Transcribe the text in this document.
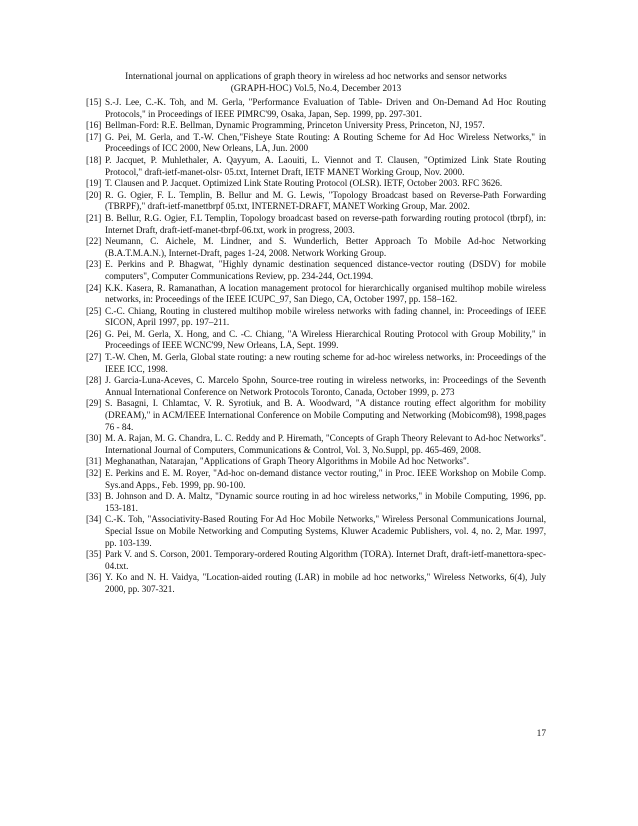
International journal on applications of graph theory in wireless ad hoc networks and sensor networks
(GRAPH-HOC) Vol.5, No.4, December 2013
[15] S.-J. Lee, C.-K. Toh, and M. Gerla, "Performance Evaluation of Table- Driven and On-Demand Ad Hoc Routing Protocols," in Proceedings of IEEE PIMRC'99, Osaka, Japan, Sep. 1999, pp. 297-301.
[16] Bellman-Ford: R.E. Bellman, Dynamic Programming, Princeton University Press, Princeton, NJ, 1957.
[17] G. Pei, M. Gerla, and T.-W. Chen,"Fisheye State Routing: A Routing Scheme for Ad Hoc Wireless Networks," in Proceedings of ICC 2000, New Orleans, LA, Jun. 2000
[18] P. Jacquet, P. Muhlethaler, A. Qayyum, A. Laouiti, L. Viennot and T. Clausen, "Optimized Link State Routing Protocol," draft-ietf-manet-olsr- 05.txt, Internet Draft, IETF MANET Working Group, Nov. 2000.
[19] T. Clausen and P. Jacquet. Optimized Link State Routing Protocol (OLSR). IETF, October 2003. RFC 3626.
[20] R. G. Ogier, F. L. Templin, B. Bellur and M. G. Lewis, "Topology Broadcast based on Reverse-Path Forwarding (TBRPF)," draft-ietf-manettbrpf 05.txt, INTERNET-DRAFT, MANET Working Group, Mar. 2002.
[21] B. Bellur, R.G. Ogier, F.L Templin, Topology broadcast based on reverse-path forwarding routing protocol (tbrpf), in: Internet Draft, draft-ietf-manet-tbrpf-06.txt, work in progress, 2003.
[22] Neumann, C. Aichele, M. Lindner, and S. Wunderlich, Better Approach To Mobile Ad-hoc Networking (B.A.T.M.A.N.), Internet-Draft, pages 1-24, 2008. Network Working Group.
[23] E. Perkins and P. Bhagwat, "Highly dynamic destination sequenced distance-vector routing (DSDV) for mobile computers", Computer Communications Review, pp. 234-244, Oct.1994.
[24] K.K. Kasera, R. Ramanathan, A location management protocol for hierarchically organised multihop mobile wireless networks, in: Proceedings of the IEEE ICUPC_97, San Diego, CA, October 1997, pp. 158–162.
[25] C.-C. Chiang, Routing in clustered multihop mobile wireless networks with fading channel, in: Proceedings of IEEE SICON, April 1997, pp. 197–211.
[26] G. Pei, M. Gerla, X. Hong, and C. -C. Chiang, "A Wireless Hierarchical Routing Protocol with Group Mobility," in Proceedings of IEEE WCNC'99, New Orleans, LA, Sept. 1999.
[27] T.-W. Chen, M. Gerla, Global state routing: a new routing scheme for ad-hoc wireless networks, in: Proceedings of the IEEE ICC, 1998.
[28] J. Garcia-Luna-Aceves, C. Marcelo Spohn, Source-tree routing in wireless networks, in: Proceedings of the Seventh Annual International Conference on Network Protocols Toronto, Canada, October 1999, p. 273
[29] S. Basagni, I. Chlamtac, V. R. Syrotiuk, and B. A. Woodward, "A distance routing effect algorithm for mobility (DREAM)," in ACM/IEEE International Conference on Mobile Computing and Networking (Mobicom98), 1998,pages 76 - 84.
[30] M. A. Rajan, M. G. Chandra, L. C. Reddy and P. Hiremath, "Concepts of Graph Theory Relevant to Ad-hoc Networks". International Journal of Computers, Communications & Control, Vol. 3, No.Suppl, pp. 465-469, 2008.
[31] Meghanathan, Natarajan, "Applications of Graph Theory Algorithms in Mobile Ad hoc Networks".
[32] E. Perkins and E. M. Royer, "Ad-hoc on-demand distance vector routing," in Proc. IEEE Workshop on Mobile Comp. Sys.and Apps., Feb. 1999, pp. 90-100.
[33] B. Johnson and D. A. Maltz, "Dynamic source routing in ad hoc wireless networks," in Mobile Computing, 1996, pp. 153-181.
[34] C.-K. Toh, "Associativity-Based Routing For Ad Hoc Mobile Networks," Wireless Personal Communications Journal, Special Issue on Mobile Networking and Computing Systems, Kluwer Academic Publishers, vol. 4, no. 2, Mar. 1997, pp. 103-139.
[35] Park V. and S. Corson, 2001. Temporary-ordered Routing Algorithm (TORA). Internet Draft, draft-ietf-manettora-spec-04.txt.
[36] Y. Ko and N. H. Vaidya, "Location-aided routing (LAR) in mobile ad hoc networks," Wireless Networks, 6(4), July 2000, pp. 307-321.
17
